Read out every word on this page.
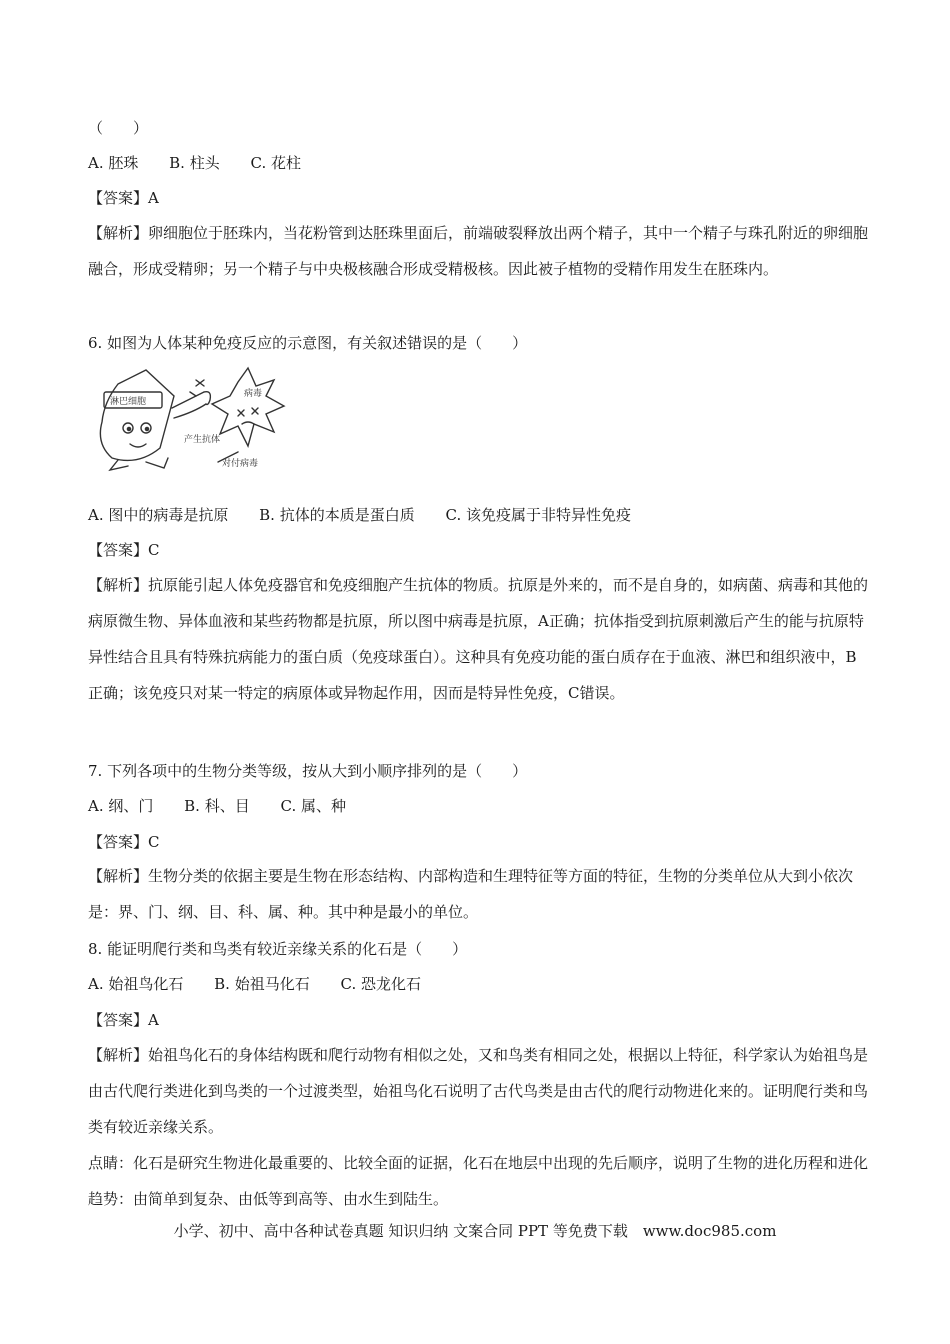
（　　）
A. 胚珠 B. 柱头 C. 花柱
【答案】A
【解析】卵细胞位于胚珠内，当花粉管到达胚珠里面后，前端破裂释放出两个精子，其中一个精子与珠孔附近的卵细胞融合，形成受精卵；另一个精子与中央极核融合形成受精极核。因此被子植物的受精作用发生在胚珠内。
6. 如图为人体某种免疫反应的示意图，有关叙述错误的是（　　）
淋巴细胞
病毒
产生抗体
对付病毒
A. 图中的病毒是抗原 B. 抗体的本质是蛋白质 C. 该免疫属于非特异性免疫
【答案】C
【解析】抗原能引起人体免疫器官和免疫细胞产生抗体的物质。抗原是外来的，而不是自身的，如病菌、病毒和其他的病原微生物、异体血液和某些药物都是抗原，所以图中病毒是抗原，A正确；抗体指受到抗原刺激后产生的能与抗原特异性结合且具有特殊抗病能力的蛋白质（免疫球蛋白）。这种具有免疫功能的蛋白质存在于血液、淋巴和组织液中，B正确；该免疫只对某一特定的病原体或异物起作用，因而是特异性免疫，C错误。
7. 下列各项中的生物分类等级，按从大到小顺序排列的是（　　）
A. 纲、门 B. 科、目 C. 属、种
【答案】C
【解析】生物分类的依据主要是生物在形态结构、内部构造和生理特征等方面的特征，生物的分类单位从大到小依次是：界、门、纲、目、科、属、种。其中种是最小的单位。
8. 能证明爬行类和鸟类有较近亲缘关系的化石是（　　）
A. 始祖鸟化石 B. 始祖马化石 C. 恐龙化石
【答案】A
【解析】始祖鸟化石的身体结构既和爬行动物有相似之处，又和鸟类有相同之处，根据以上特征，科学家认为始祖鸟是由古代爬行类进化到鸟类的一个过渡类型，始祖鸟化石说明了古代鸟类是由古代的爬行动物进化来的。证明爬行类和鸟类有较近亲缘关系。
点睛：化石是研究生物进化最重要的、比较全面的证据，化石在地层中出现的先后顺序，说明了生物的进化历程和进化趋势：由简单到复杂、由低等到高等、由水生到陆生。
小学、初中、高中各种试卷真题 知识归纳 文案合同 PPT 等免费下载　www.doc985.com
